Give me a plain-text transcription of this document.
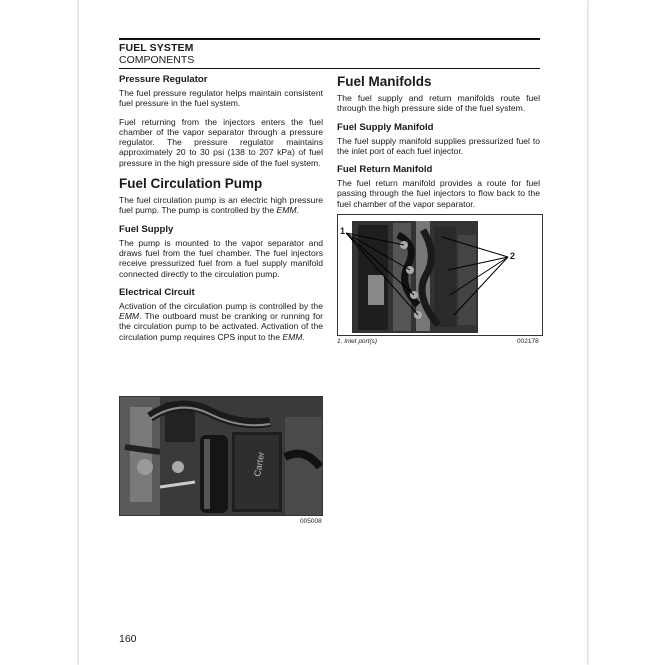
FUEL SYSTEM
COMPONENTS
Pressure Regulator

The fuel pressure regulator helps maintain consistent fuel pressure in the fuel system.

Fuel returning from the injectors enters the fuel chamber of the vapor separator through a pressure regulator. The pressure regulator maintains approximately 20 to 30 psi (138 to 207 kPa) of fuel pressure in the high pressure side of the fuel system.

Fuel Circulation Pump

The fuel circulation pump is an electric high pressure fuel pump. The pump is controlled by the EMM.

Fuel Supply

The pump is mounted to the vapor separator and draws fuel from the fuel chamber. The fuel injectors receive pressurized fuel from a fuel supply manifold connected directly to the circulation pump.

Electrical Circuit

Activation of the circulation pump is controlled by the EMM. The outboard must be cranking or running for the circulation pump to be activated. Activation of the circulation pump requires CPS input to the EMM.

Carter
005008
Fuel Manifolds

The fuel supply and return manifolds route fuel through the high pressure side of the fuel system.

Fuel Supply Manifold

The fuel supply manifold supplies pressurized fuel to the inlet port of each fuel injector.

Fuel Return Manifold

The fuel return manifold provides a route for fuel passing through the fuel injectors to flow back to the fuel chamber of the vapor separator.

1
2
1. Inlet port(s)	002178
160
